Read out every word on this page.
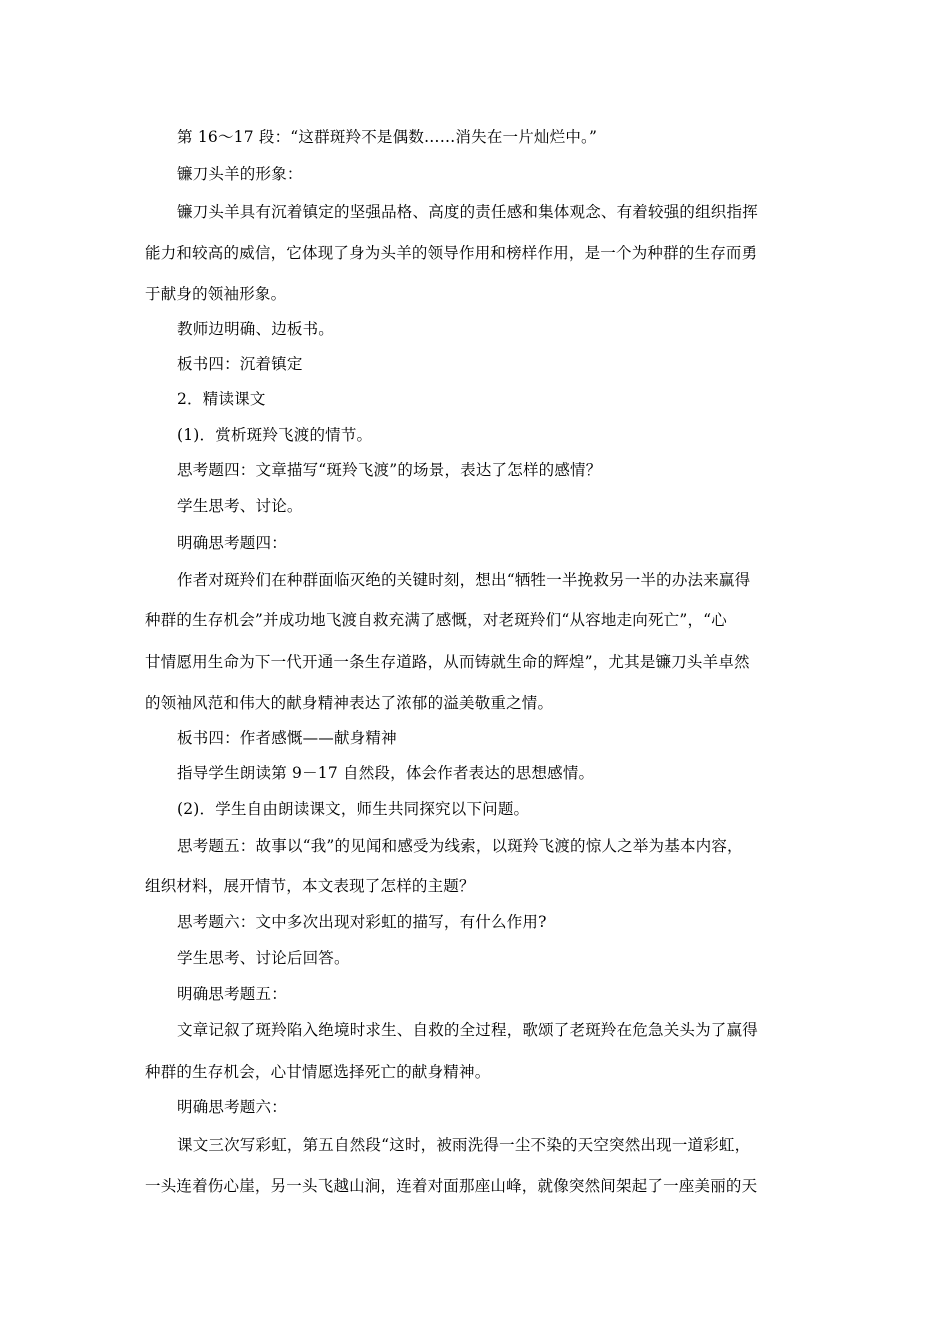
第 16～17 段：“这群斑羚不是偶数……消失在一片灿烂中。”
镰刀头羊的形象：
镰刀头羊具有沉着镇定的坚强品格、高度的责任感和集体观念、有着较强的组织指挥
能力和较高的威信，它体现了身为头羊的领导作用和榜样作用，是一个为种群的生存而勇
于献身的领袖形象。
教师边明确、边板书。
板书四：沉着镇定
2．精读课文
(1)．赏析斑羚飞渡的情节。
思考题四：文章描写“斑羚飞渡”的场景，表达了怎样的感情？
学生思考、讨论。
明确思考题四：
作者对斑羚们在种群面临灭绝的关键时刻，想出“牺牲一半挽救另一半的办法来赢得
种群的生存机会”并成功地飞渡自救充满了感慨，对老斑羚们“从容地走向死亡”，“心
甘情愿用生命为下一代开通一条生存道路，从而铸就生命的辉煌”，尤其是镰刀头羊卓然
的领袖风范和伟大的献身精神表达了浓郁的溢美敬重之情。
板书四：作者感慨——献身精神
指导学生朗读第 9－17 自然段，体会作者表达的思想感情。
(2)．学生自由朗读课文，师生共同探究以下问题。
思考题五：故事以“我”的见闻和感受为线索，以斑羚飞渡的惊人之举为基本内容，
组织材料，展开情节，本文表现了怎样的主题？
思考题六：文中多次出现对彩虹的描写，有什么作用?
学生思考、讨论后回答。
明确思考题五：
文章记叙了斑羚陷入绝境时求生、自救的全过程，歌颂了老斑羚在危急关头为了赢得
种群的生存机会，心甘情愿选择死亡的献身精神。
明确思考题六：
课文三次写彩虹，第五自然段“这时，被雨洗得一尘不染的天空突然出现一道彩虹，
一头连着伤心崖，另一头飞越山涧，连着对面那座山峰，就像突然间架起了一座美丽的天
